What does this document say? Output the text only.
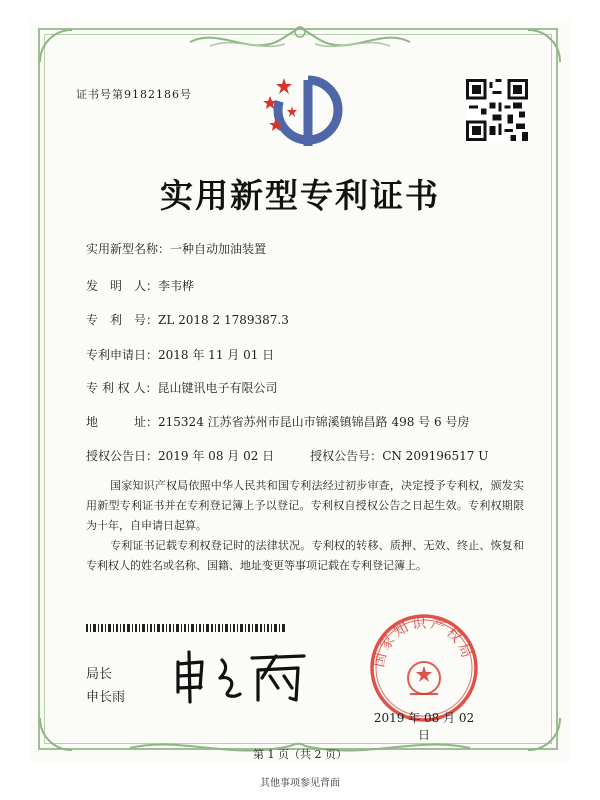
证书号第9182186号
实用新型专利证书
实用新型名称：一种自动加油装置
发　明　人：李韦桦
专　利　号：ZL 2018 2 1789387.3
专利申请日：2018 年 11 月 01 日
专 利 权 人：昆山键讯电子有限公司
地　　　址：215324 江苏省苏州市昆山市锦溪镇锦昌路 498 号 6 号房
授权公告日：2019 年 08 月 02 日	授权公告号：CN 209196517 U
国家知识产权局依照中华人民共和国专利法经过初步审查，决定授予专利权，颁发实用新型专利证书并在专利登记簿上予以登记。专利权自授权公告之日起生效。专利权期限为十年，自申请日起算。
专利证书记载专利权登记时的法律状况。专利权的转移、质押、无效、终止、恢复和专利权人的姓名或名称、国籍、地址变更等事项记载在专利登记簿上。
局长
申长雨
国家知识产权局
2019 年 08 月 02 日
第 1 页（共 2 页）
其他事项参见背面
